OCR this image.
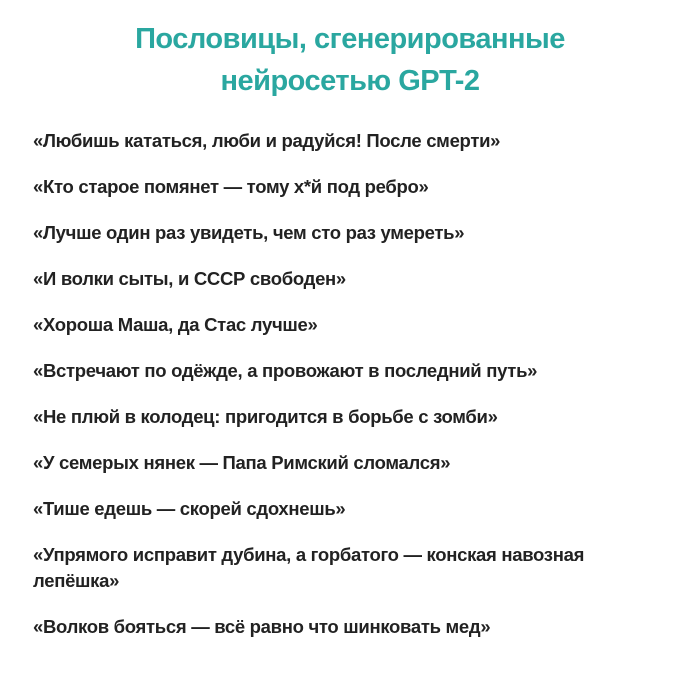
Пословицы, сгенерированные
нейросетью GPT-2
«Любишь кататься, люби и радуйся! После смерти»
«Кто старое помянет — тому х*й под ребро»
«Лучше один раз увидеть, чем сто раз умереть»
«И волки сыты, и СССР свободен»
«Хороша Маша, да Стас лучше»
«Встречают по одёжде, а провожают в последний путь»
«Не плюй в колодец: пригодится в борьбе с зомби»
«У семерых нянек — Папа Римский сломался»
«Тише едешь — скорей сдохнешь»
«Упрямого исправит дубина, а горбатого — конская навозная лепёшка»
«Волков бояться — всё равно что шинковать мед»
